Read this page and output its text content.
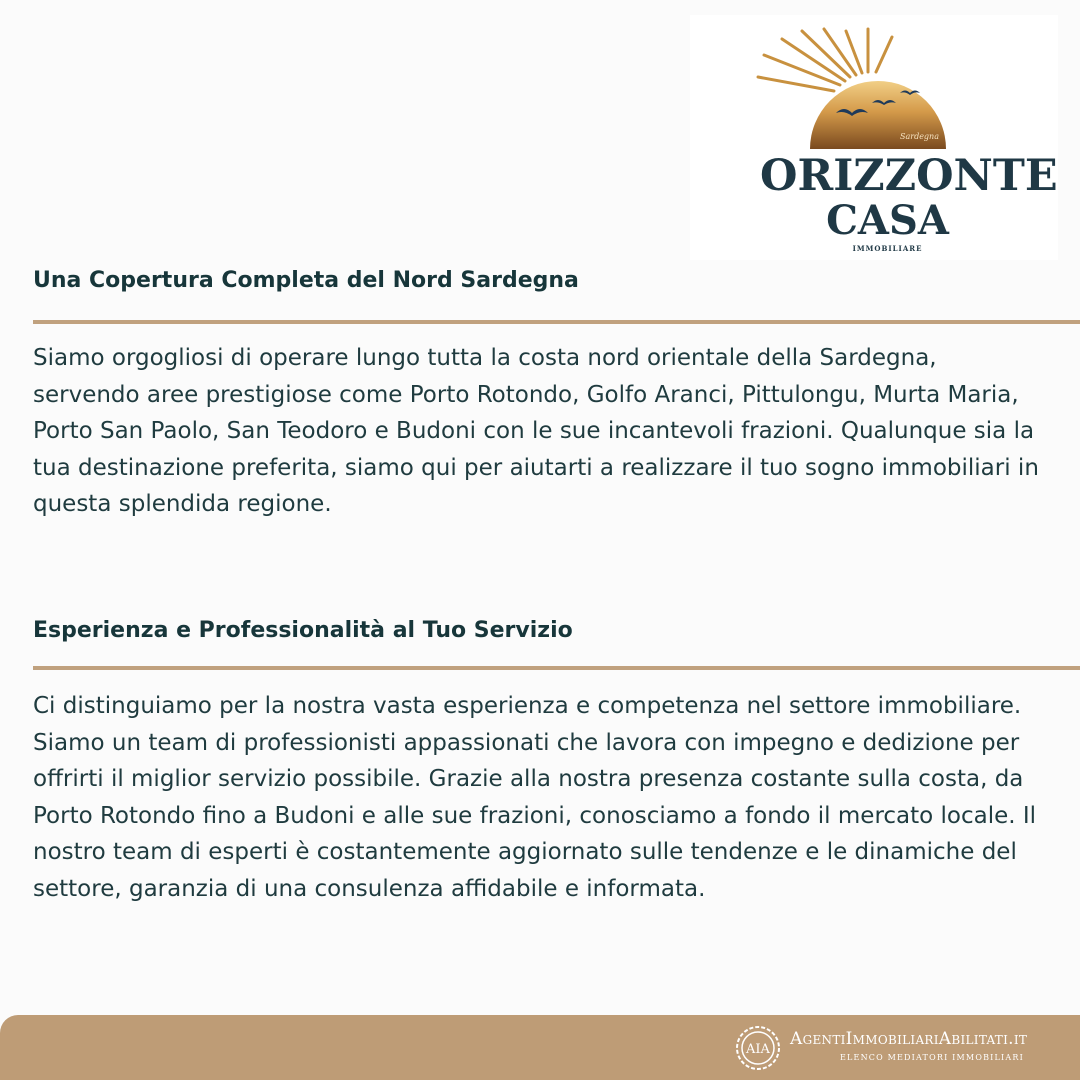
Sardegna
ORIZZONTE
CASA
IMMOBILIARE
Una Copertura Completa del Nord Sardegna

Siamo orgogliosi di operare lungo tutta la costa nord orientale della Sardegna, servendo aree prestigiose come Porto Rotondo, Golfo Aranci, Pittulongu, Murta Maria, Porto San Paolo, San Teodoro e Budoni con le sue incantevoli frazioni. Qualunque sia la tua destinazione preferita, siamo qui per aiutarti a realizzare il tuo sogno immobiliari in questa splendida regione.

Esperienza e Professionalità al Tuo Servizio

Ci distinguiamo per la nostra vasta esperienza e competenza nel settore immobiliare. Siamo un team di professionisti appassionati che lavora con impegno e dedizione per offrirti il miglior servizio possibile. Grazie alla nostra presenza costante sulla costa, da Porto Rotondo fino a Budoni e alle sue frazioni, conosciamo a fondo il mercato locale. Il nostro team di esperti è costantemente aggiornato sulle tendenze e le dinamiche del settore, garanzia di una consulenza affidabile e informata.

AIA
AgentiImmobiliariAbilitati.it
ELENCO MEDIATORI IMMOBILIARI
